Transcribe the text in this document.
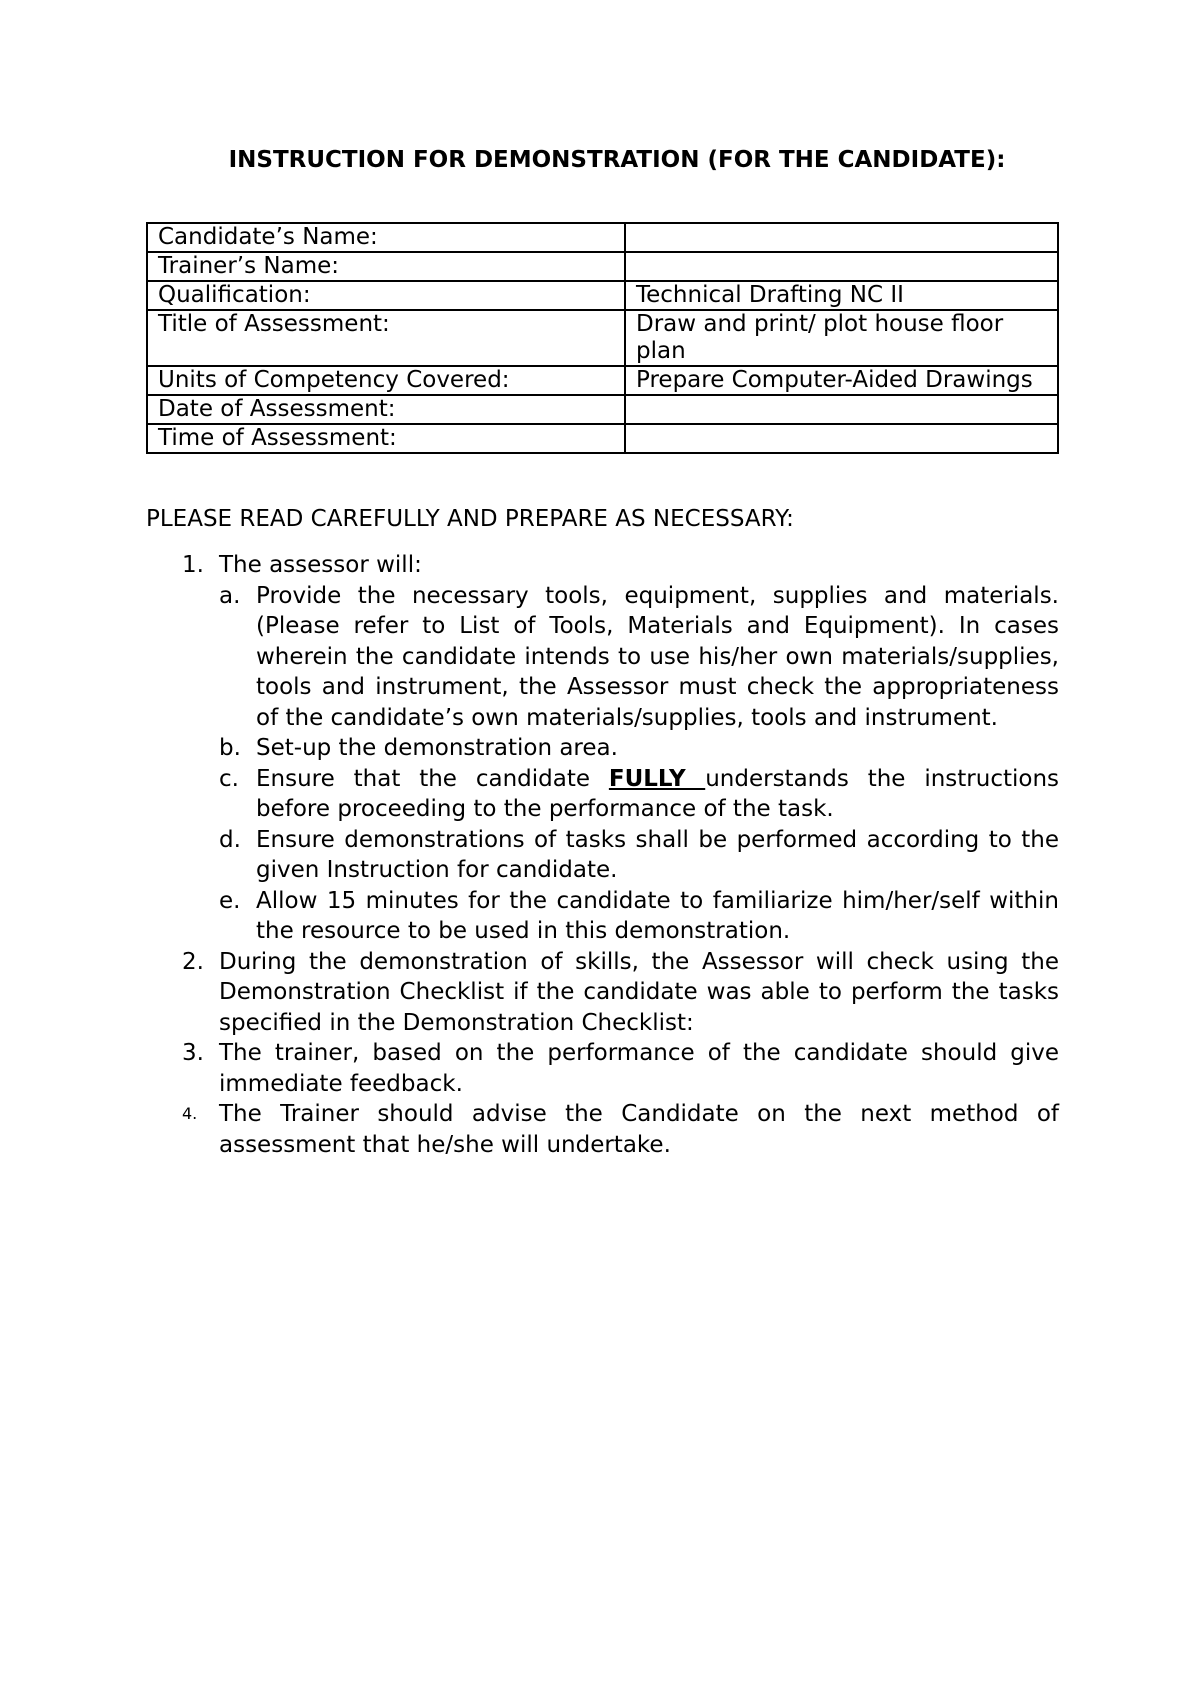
INSTRUCTION FOR DEMONSTRATION (FOR THE CANDIDATE):
Candidate’s Name:	
Trainer’s Name:	
Qualification:	Technical Drafting NC II
Title of Assessment:	Draw and print/ plot house floor plan
Units of Competency Covered:	Prepare Computer-Aided Drawings
Date of Assessment:	
Time of Assessment:	
PLEASE READ CAREFULLY AND PREPARE AS NECESSARY:
1. The assessor will:
a. Provide the necessary tools, equipment, supplies and materials. (Please refer to List of Tools, Materials and Equipment). In cases wherein the candidate intends to use his/her own materials/supplies, tools and instrument, the Assessor must check the appropriateness of the candidate’s own materials/supplies, tools and instrument.
b. Set-up the demonstration area.
c. Ensure that the candidate FULLY understands the instructions before proceeding to the performance of the task.
d. Ensure demonstrations of tasks shall be performed according to the given Instruction for candidate.
e. Allow 15 minutes for the candidate to familiarize him/her/self within the resource to be used in this demonstration.
2. During the demonstration of skills, the Assessor will check using the Demonstration Checklist if the candidate was able to perform the tasks specified in the Demonstration Checklist:
3. The trainer, based on the performance of the candidate should give immediate feedback.
4. The Trainer should advise the Candidate on the next method of assessment that he/she will undertake.
